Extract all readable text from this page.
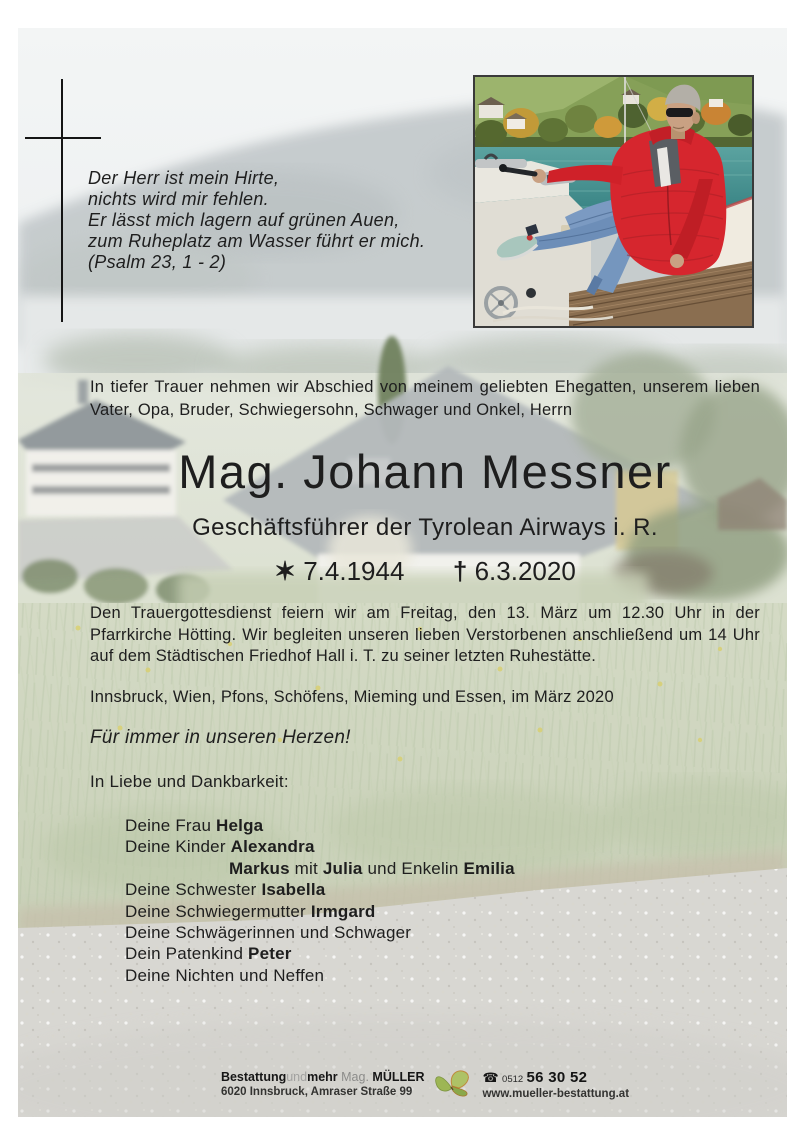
Der Herr ist mein Hirte,
nichts wird mir fehlen.
Er lässt mich lagern auf grünen Auen,
zum Ruheplatz am Wasser führt er mich.
(Psalm 23, 1 - 2)
In tiefer Trauer nehmen wir Abschied von meinem geliebten Ehegatten, unserem lieben Vater, Opa, Bruder, Schwiegersohn, Schwager und Onkel, Herrn
Mag. Johann Messner
Geschäftsführer der Tyrolean Airways i. R.
✶ 7.4.1944 † 6.3.2020
Den Trauergottesdienst feiern wir am Freitag, den 13. März um 12.30 Uhr in der Pfarrkirche Hötting. Wir begleiten unseren lieben Verstorbenen anschließend um 14 Uhr auf dem Städtischen Friedhof Hall i. T. zu seiner letzten Ruhestätte.
Innsbruck, Wien, Pfons, Schöfens, Mieming und Essen, im März 2020
Für immer in unseren Herzen!
In Liebe und Dankbarkeit:
Deine Frau Helga
Deine Kinder Alexandra
Markus mit Julia und Enkelin Emilia
Deine Schwester Isabella
Deine Schwiegermutter Irmgard
Deine Schwägerinnen und Schwager
Dein Patenkind Peter
Deine Nichten und Neffen
Bestattungundmehr Mag. MÜLLER
6020 Innsbruck, Amraser Straße 99
☎ 0512 56 30 52
www.mueller-bestattung.at
